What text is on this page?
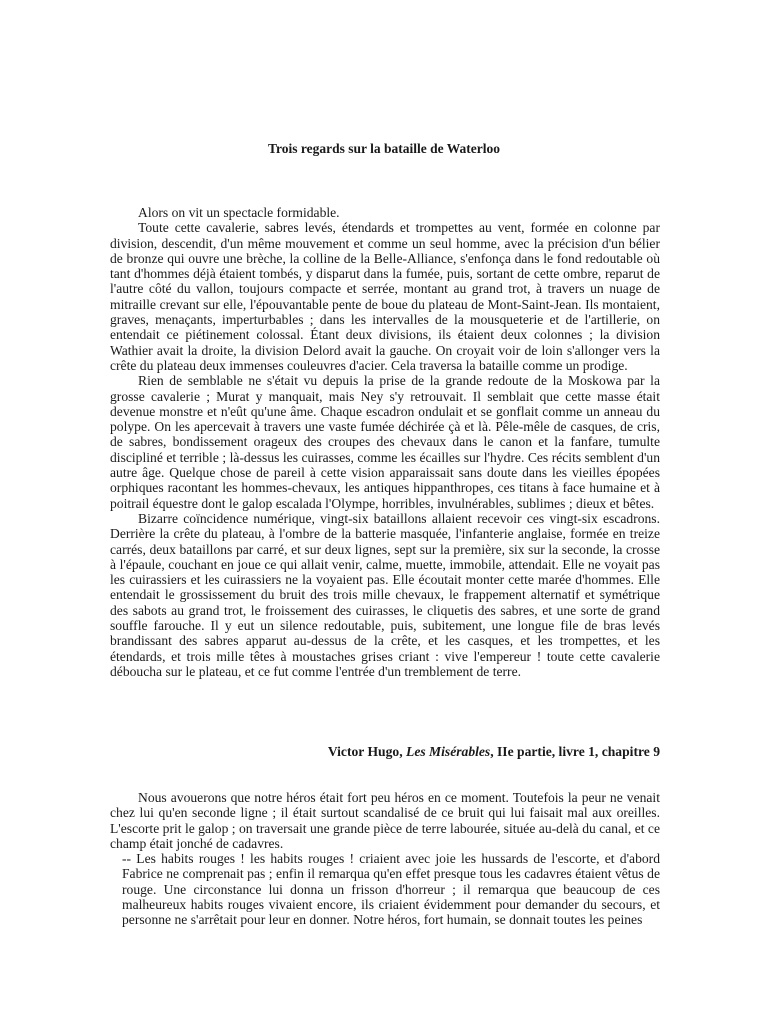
Trois regards sur la bataille de Waterloo

Alors on vit un spectacle formidable.

Toute cette cavalerie, sabres levés, étendards et trompettes au vent, formée en colonne par division, descendit, d'un même mouvement et comme un seul homme, avec la précision d'un bélier de bronze qui ouvre une brèche, la colline de la Belle-Alliance, s'enfonça dans le fond redoutable où tant d'hommes déjà étaient tombés, y disparut dans la fumée, puis, sortant de cette ombre, reparut de l'autre côté du vallon, toujours compacte et serrée, montant au grand trot, à travers un nuage de mitraille crevant sur elle, l'épouvantable pente de boue du plateau de Mont-Saint-Jean. Ils montaient, graves, menaçants, imperturbables ; dans les intervalles de la mousqueterie et de l'artillerie, on entendait ce piétinement colossal. Étant deux divisions, ils étaient deux colonnes ; la division Wathier avait la droite, la division Delord avait la gauche. On croyait voir de loin s'allonger vers la crête du plateau deux immenses couleuvres d'acier. Cela traversa la bataille comme un prodige.

Rien de semblable ne s'était vu depuis la prise de la grande redoute de la Moskowa par la grosse cavalerie ; Murat y manquait, mais Ney s'y retrouvait. Il semblait que cette masse était devenue monstre et n'eût qu'une âme. Chaque escadron ondulait et se gonflait comme un anneau du polype. On les apercevait à travers une vaste fumée déchirée çà et là. Pêle-mêle de casques, de cris, de sabres, bondissement orageux des croupes des chevaux dans le canon et la fanfare, tumulte discipliné et terrible ; là-dessus les cuirasses, comme les écailles sur l'hydre. Ces récits semblent d'un autre âge. Quelque chose de pareil à cette vision apparaissait sans doute dans les vieilles épopées orphiques racontant les hommes-chevaux, les antiques hippanthropes, ces titans à face humaine et à poitrail équestre dont le galop escalada l'Olympe, horribles, invulnérables, sublimes ; dieux et bêtes.

Bizarre coïncidence numérique, vingt-six bataillons allaient recevoir ces vingt-six escadrons. Derrière la crête du plateau, à l'ombre de la batterie masquée, l'infanterie anglaise, formée en treize carrés, deux bataillons par carré, et sur deux lignes, sept sur la première, six sur la seconde, la crosse à l'épaule, couchant en joue ce qui allait venir, calme, muette, immobile, attendait. Elle ne voyait pas les cuirassiers et les cuirassiers ne la voyaient pas. Elle écoutait monter cette marée d'hommes. Elle entendait le grossissement du bruit des trois mille chevaux, le frappement alternatif et symétrique des sabots au grand trot, le froissement des cuirasses, le cliquetis des sabres, et une sorte de grand souffle farouche. Il y eut un silence redoutable, puis, subitement, une longue file de bras levés brandissant des sabres apparut au-dessus de la crête, et les casques, et les trompettes, et les étendards, et trois mille têtes à moustaches grises criant : vive l'empereur ! toute cette cavalerie déboucha sur le plateau, et ce fut comme l'entrée d'un tremblement de terre.

Victor Hugo, Les Misérables, IIe partie, livre 1, chapitre 9

Nous avouerons que notre héros était fort peu héros en ce moment. Toutefois la peur ne venait chez lui qu'en seconde ligne ; il était surtout scandalisé de ce bruit qui lui faisait mal aux oreilles. L'escorte prit le galop ; on traversait une grande pièce de terre labourée, située au-delà du canal, et ce champ était jonché de cadavres.

-- Les habits rouges ! les habits rouges ! criaient avec joie les hussards de l'escorte, et d'abord Fabrice ne comprenait pas ; enfin il remarqua qu'en effet presque tous les cadavres étaient vêtus de rouge. Une circonstance lui donna un frisson d'horreur ; il remarqua que beaucoup de ces malheureux habits rouges vivaient encore, ils criaient évidemment pour demander du secours, et personne ne s'arrêtait pour leur en donner. Notre héros, fort humain, se donnait toutes les peines
